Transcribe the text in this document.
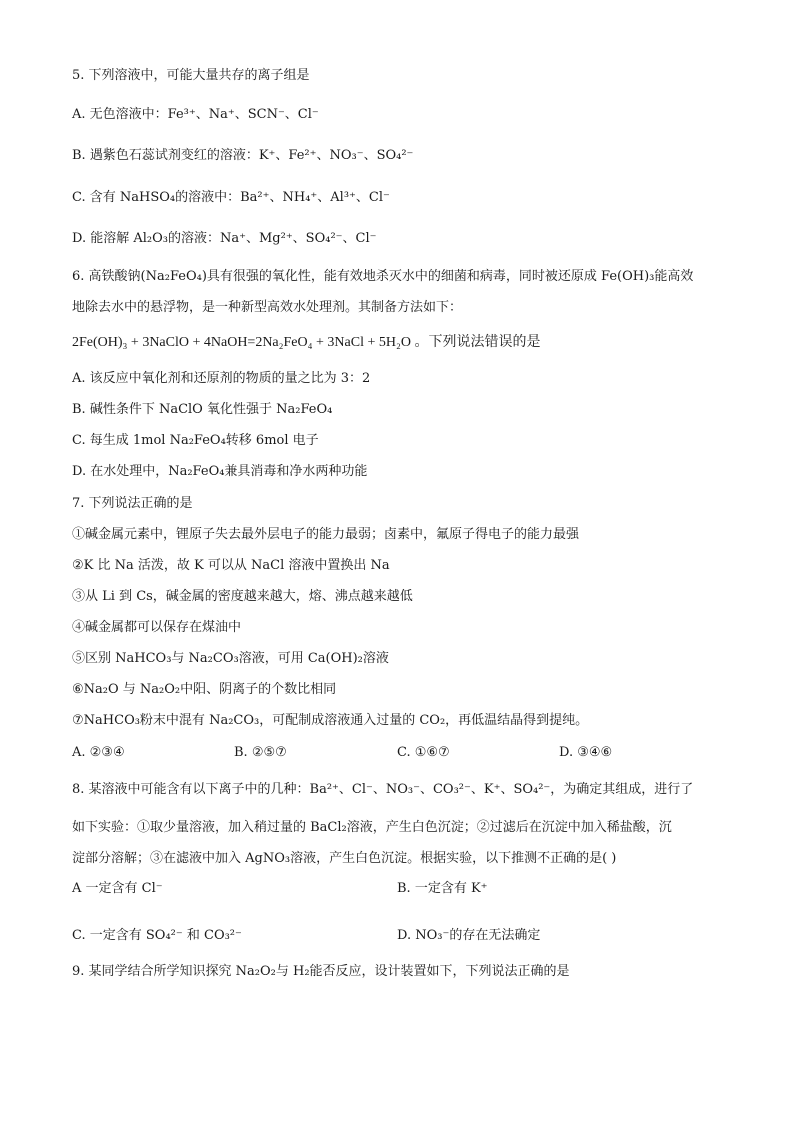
5. 下列溶液中，可能大量共存的离子组是
A. 无色溶液中：Fe³⁺、Na⁺、SCN⁻、Cl⁻
B. 遇紫色石蕊试剂变红的溶液：K⁺、Fe²⁺、NO₃⁻、SO₄²⁻
C. 含有 NaHSO₄的溶液中：Ba²⁺、NH₄⁺、Al³⁺、Cl⁻
D. 能溶解 Al₂O₃的溶液：Na⁺、Mg²⁺、SO₄²⁻、Cl⁻
6. 高铁酸钠(Na₂FeO₄)具有很强的氧化性，能有效地杀灭水中的细菌和病毒，同时被还原成 Fe(OH)₃能高效
地除去水中的悬浮物，是一种新型高效水处理剂。其制备方法如下：
2Fe(OH)₃ + 3NaClO + 4NaOH=2Na₂FeO₄ + 3NaCl + 5H₂O 。下列说法错误的是
A. 该反应中氧化剂和还原剂的物质的量之比为 3：2
B. 碱性条件下 NaClO 氧化性强于 Na₂FeO₄
C. 每生成 1mol Na₂FeO₄转移 6mol 电子
D. 在水处理中，Na₂FeO₄兼具消毒和净水两种功能
7. 下列说法正确的是
①碱金属元素中，锂原子失去最外层电子的能力最弱；卤素中，氟原子得电子的能力最强
②K 比 Na 活泼，故 K 可以从 NaCl 溶液中置换出 Na
③从 Li 到 Cs，碱金属的密度越来越大，熔、沸点越来越低
④碱金属都可以保存在煤油中
⑤区别 NaHCO₃与 Na₂CO₃溶液，可用 Ca(OH)₂溶液
⑥Na₂O 与 Na₂O₂中阳、阴离子的个数比相同
⑦NaHCO₃粉末中混有 Na₂CO₃，可配制成溶液通入过量的 CO₂，再低温结晶得到提纯。
A. ②③④	B. ②⑤⑦	C. ①⑥⑦	D. ③④⑥
8. 某溶液中可能含有以下离子中的几种：Ba²⁺、Cl⁻、NO₃⁻、CO₃²⁻、K⁺、SO₄²⁻，为确定其组成，进行了
如下实验：①取少量溶液，加入稍过量的 BaCl₂溶液，产生白色沉淀；②过滤后在沉淀中加入稀盐酸，沉
淀部分溶解；③在滤液中加入 AgNO₃溶液，产生白色沉淀。根据实验，以下推测不正确的是( )
A 一定含有 Cl⁻	B. 一定含有 K⁺
C. 一定含有 SO₄²⁻ 和 CO₃²⁻	D. NO₃⁻的存在无法确定
9. 某同学结合所学知识探究 Na₂O₂与 H₂能否反应，设计装置如下，下列说法正确的是
